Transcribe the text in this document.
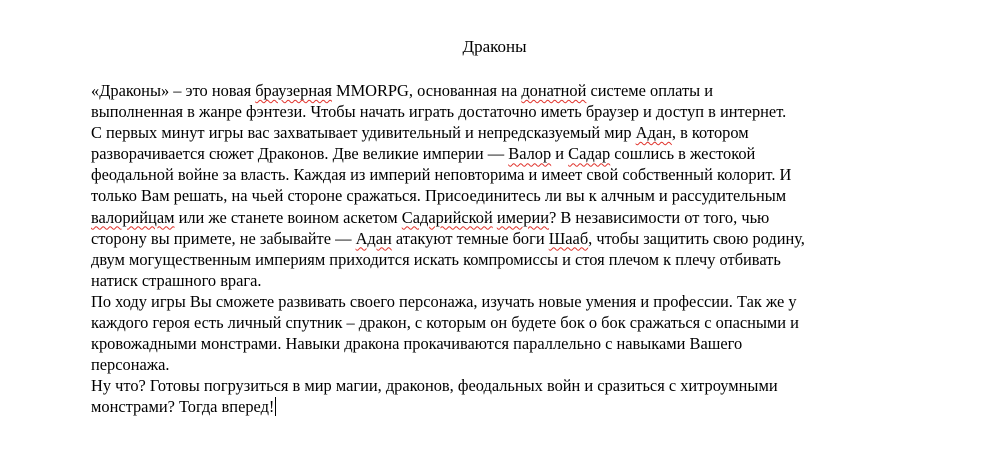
Драконы
«Драконы» – это новая браузерная MMORPG, основанная на донатной системе оплаты и
выполненная в жанре фэнтези. Чтобы начать играть достаточно иметь браузер и доступ в интернет.
С первых минут игры вас захватывает удивительный и непредсказуемый мир Адан, в котором
разворачивается сюжет Драконов. Две великие империи — Валор и Садар сошлись в жестокой
феодальной войне за власть. Каждая из империй неповторима и имеет свой собственный колорит. И
только Вам решать, на чьей стороне сражаться. Присоединитесь ли вы к алчным и рассудительным
валорийцам или же станете воином аскетом Садарийской имерии? В независимости от того, чью
сторону вы примете, не забывайте — Адан атакуют темные боги Шааб, чтобы защитить свою родину,
двум могущественным империям приходится искать компромиссы и стоя плечом к плечу отбивать
натиск страшного врага.
По ходу игры Вы сможете развивать своего персонажа, изучать новые умения и профессии. Так же у
каждого героя есть личный спутник – дракон, с которым он будете бок о бок сражаться с опасными и
кровожадными монстрами. Навыки дракона прокачиваются параллельно с навыками Вашего
персонажа.
Ну что? Готовы погрузиться в мир магии, драконов, феодальных войн и сразиться с хитроумными
монстрами? Тогда вперед!
